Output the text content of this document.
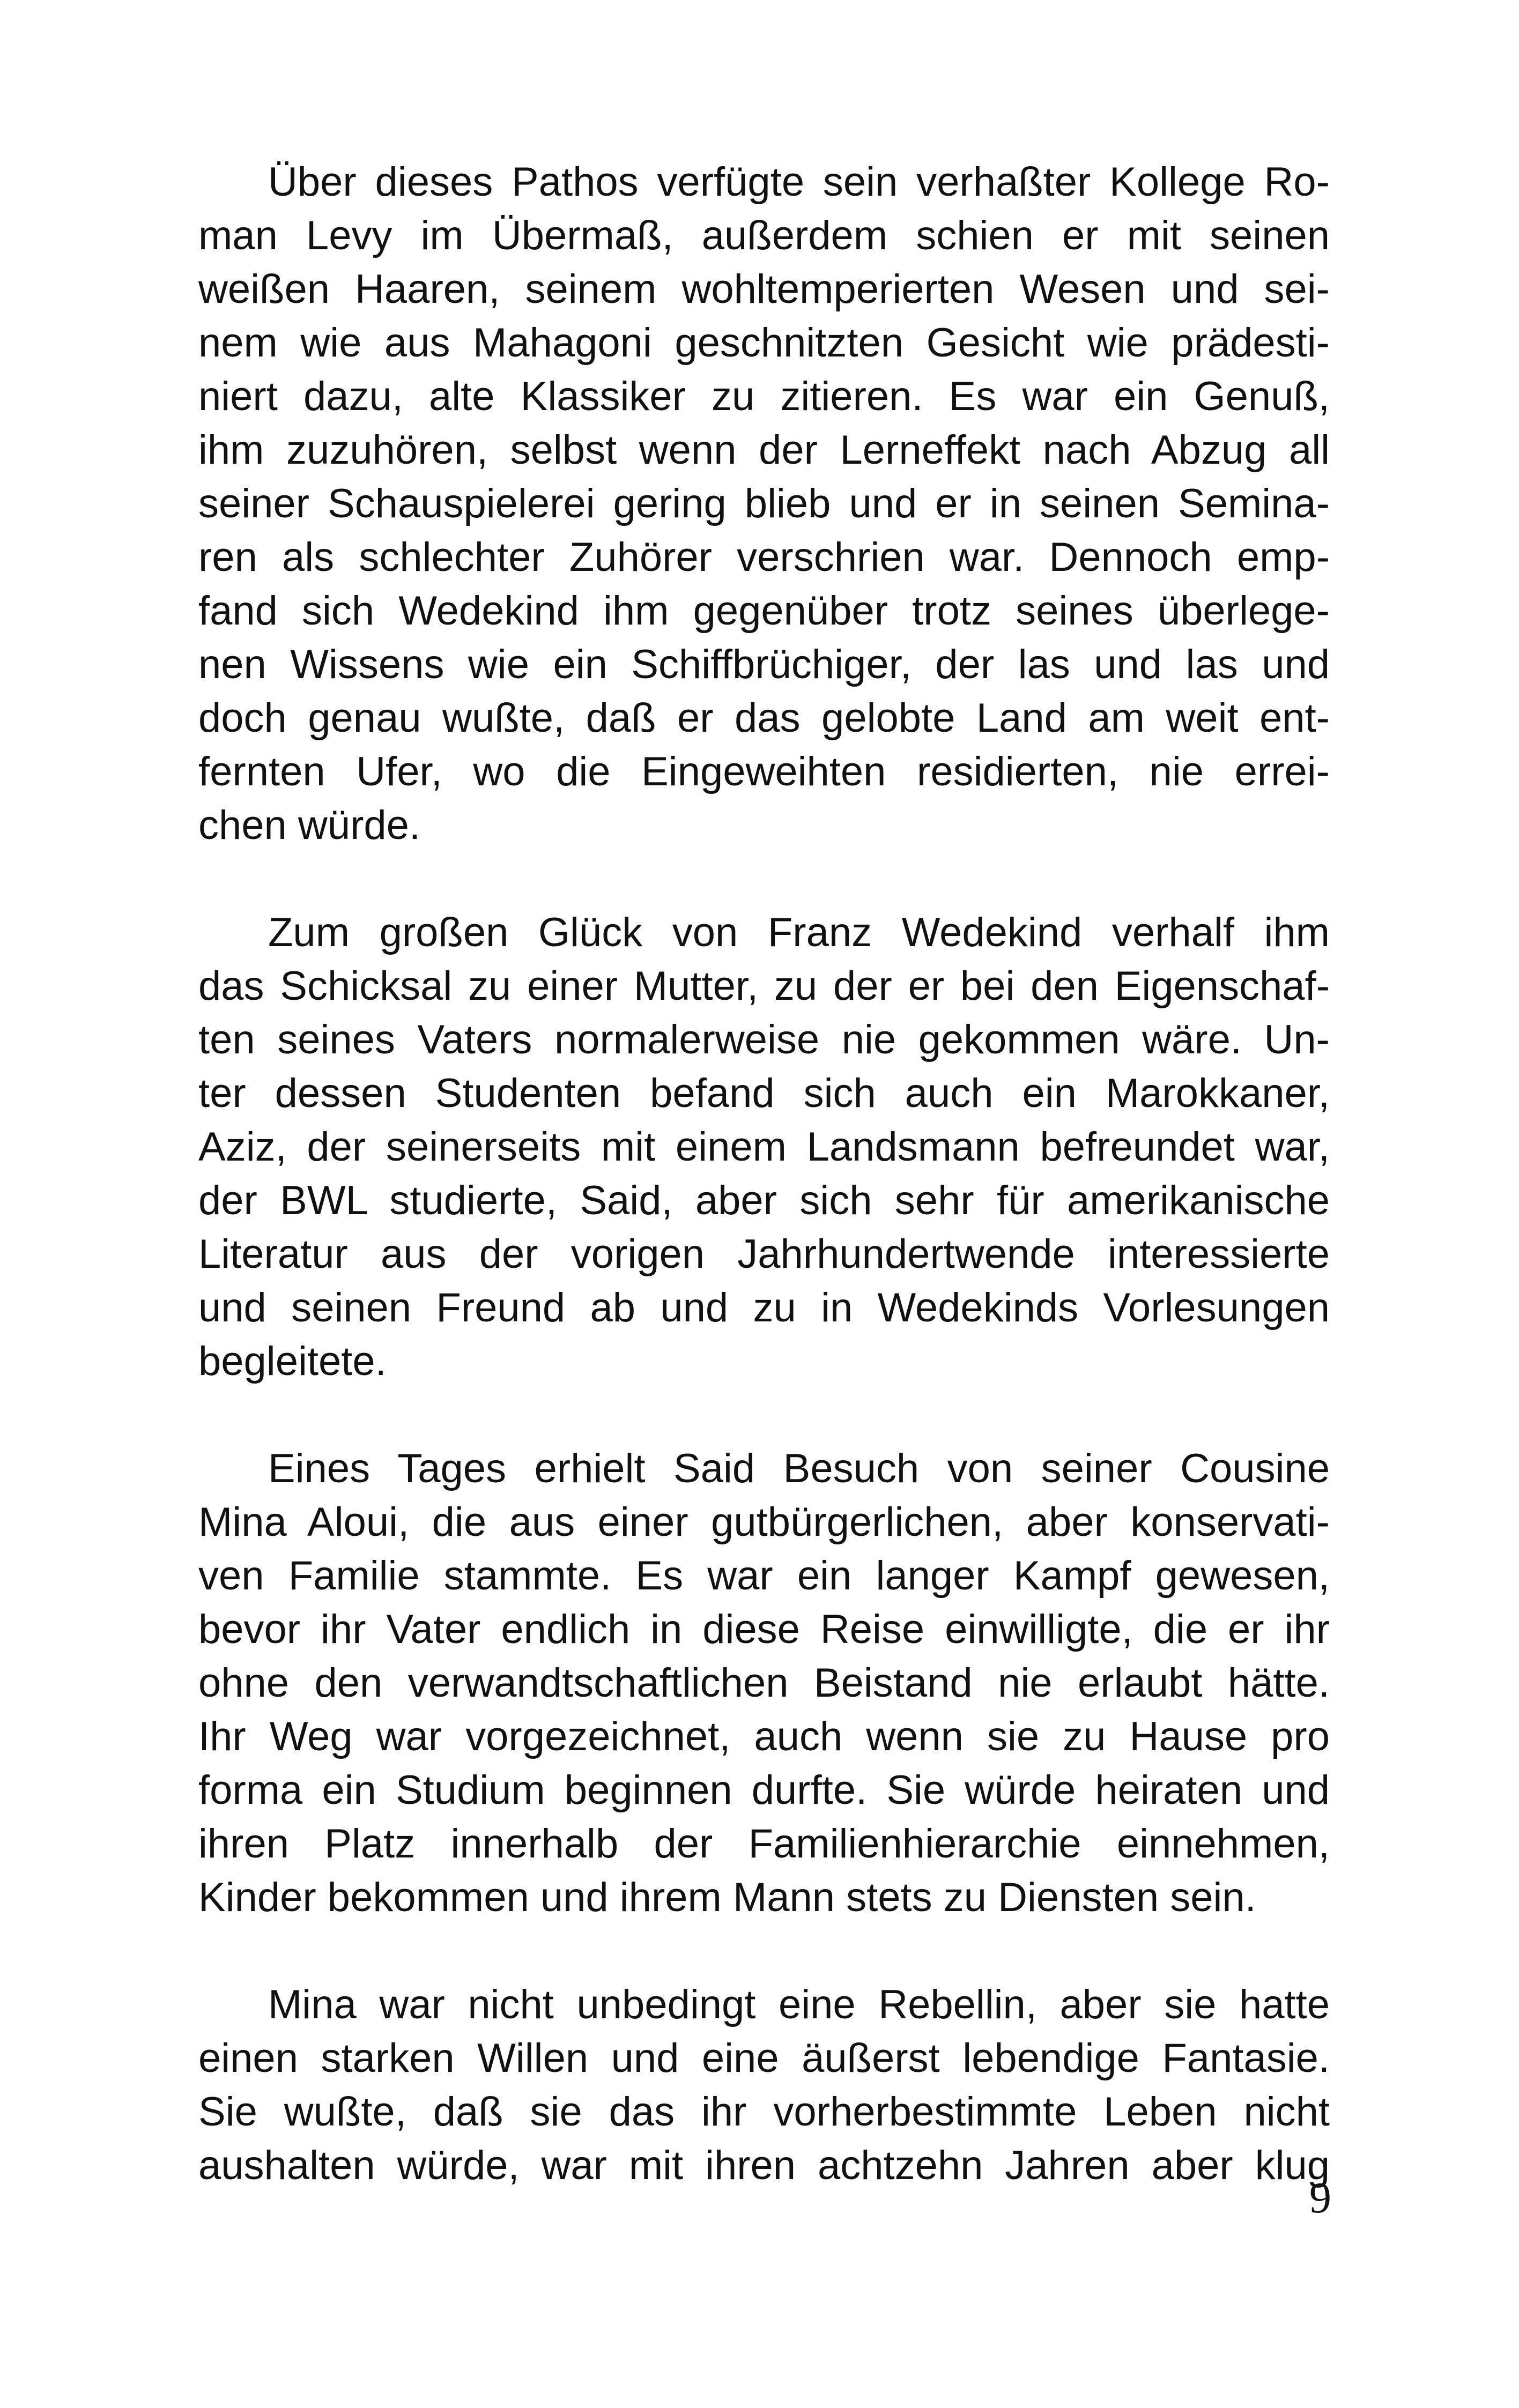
Über dieses Pathos verfügte sein verhaßter Kollege Ro-
man Levy im Übermaß, außerdem schien er mit seinen
weißen Haaren, seinem wohltemperierten Wesen und sei-
nem wie aus Mahagoni geschnitzten Gesicht wie prädesti-
niert dazu, alte Klassiker zu zitieren. Es war ein Genuß,
ihm zuzuhören, selbst wenn der Lerneffekt nach Abzug all
seiner Schauspielerei gering blieb und er in seinen Semina-
ren als schlechter Zuhörer verschrien war. Dennoch emp-
fand sich Wedekind ihm gegenüber trotz seines überlege-
nen Wissens wie ein Schiffbrüchiger, der las und las und
doch genau wußte, daß er das gelobte Land am weit ent-
fernten Ufer, wo die Eingeweihten residierten, nie errei-
chen würde.
Zum großen Glück von Franz Wedekind verhalf ihm
das Schicksal zu einer Mutter, zu der er bei den Eigenschaf-
ten seines Vaters normalerweise nie gekommen wäre. Un-
ter dessen Studenten befand sich auch ein Marokkaner,
Aziz, der seinerseits mit einem Landsmann befreundet war,
der BWL studierte, Said, aber sich sehr für amerikanische
Literatur aus der vorigen Jahrhundertwende interessierte
und seinen Freund ab und zu in Wedekinds Vorlesungen
begleitete.
Eines Tages erhielt Said Besuch von seiner Cousine
Mina Aloui, die aus einer gutbürgerlichen, aber konservati-
ven Familie stammte. Es war ein langer Kampf gewesen,
bevor ihr Vater endlich in diese Reise einwilligte, die er ihr
ohne den verwandtschaftlichen Beistand nie erlaubt hätte.
Ihr Weg war vorgezeichnet, auch wenn sie zu Hause pro
forma ein Studium beginnen durfte. Sie würde heiraten und
ihren Platz innerhalb der Familienhierarchie einnehmen,
Kinder bekommen und ihrem Mann stets zu Diensten sein.
Mina war nicht unbedingt eine Rebellin, aber sie hatte
einen starken Willen und eine äußerst lebendige Fantasie.
Sie wußte, daß sie das ihr vorherbestimmte Leben nicht
aushalten würde, war mit ihren achtzehn Jahren aber klug
9
